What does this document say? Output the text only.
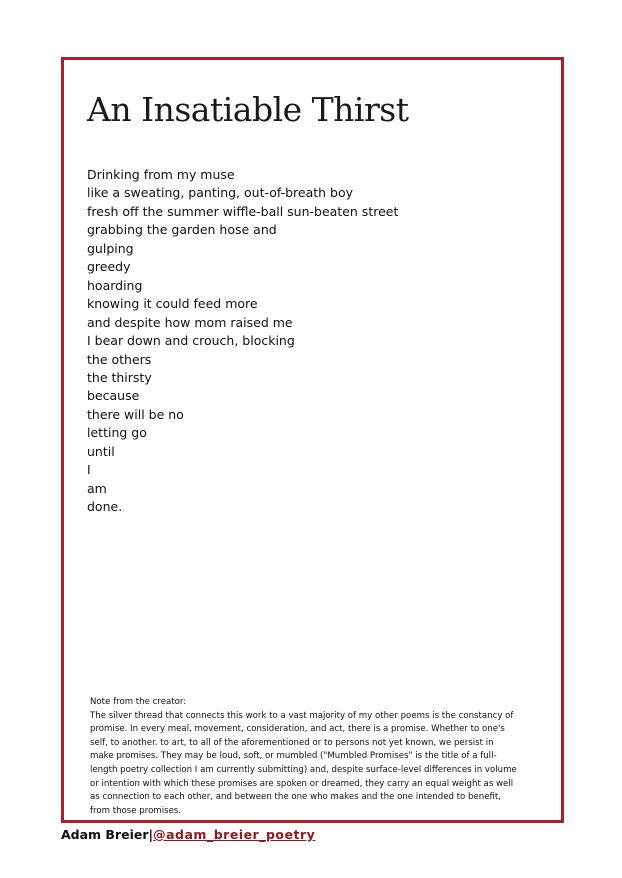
An Insatiable Thirst
Drinking from my muse
like a sweating, panting, out-of-breath boy
fresh off the summer wiffle-ball sun-beaten street
grabbing the garden hose and
gulping
greedy
hoarding
knowing it could feed more
and despite how mom raised me
I bear down and crouch, blocking
the others
the thirsty
because
there will be no
letting go
until
I
am
done.
Note from the creator:
The silver thread that connects this work to a vast majority of my other poems is the constancy of promise. In every meal, movement, consideration, and act, there is a promise. Whether to one's self, to another. to art, to all of the aforementioned or to persons not yet known, we persist in make promises. They may be loud, soft, or mumbled ("Mumbled Promises" is the title of a full-length poetry collection I am currently submitting) and, despite surface-level differences in volume or intention with which these promises are spoken or dreamed, they carry an equal weight as well as connection to each other, and between the one who makes and the one intended to benefit, from those promises.
Adam Breier|@adam_breier_poetry
